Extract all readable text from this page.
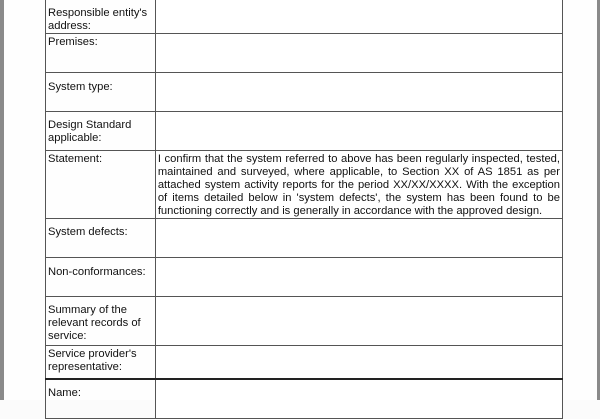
Responsible entity's address:	
Premises:	
System type:	
Design Standard applicable:	
Statement:	I confirm that the system referred to above has been regularly inspected, tested, maintained and surveyed, where applicable, to Section XX of AS 1851 as per attached system activity reports for the period XX/XX/XXXX. With the exception of items detailed below in 'system defects', the system has been found to be functioning correctly and is generally in accordance with the approved design.
System defects:	
Non-conformances:	
Summary of the relevant records of service:	
Service provider's representative:	
Name:	
